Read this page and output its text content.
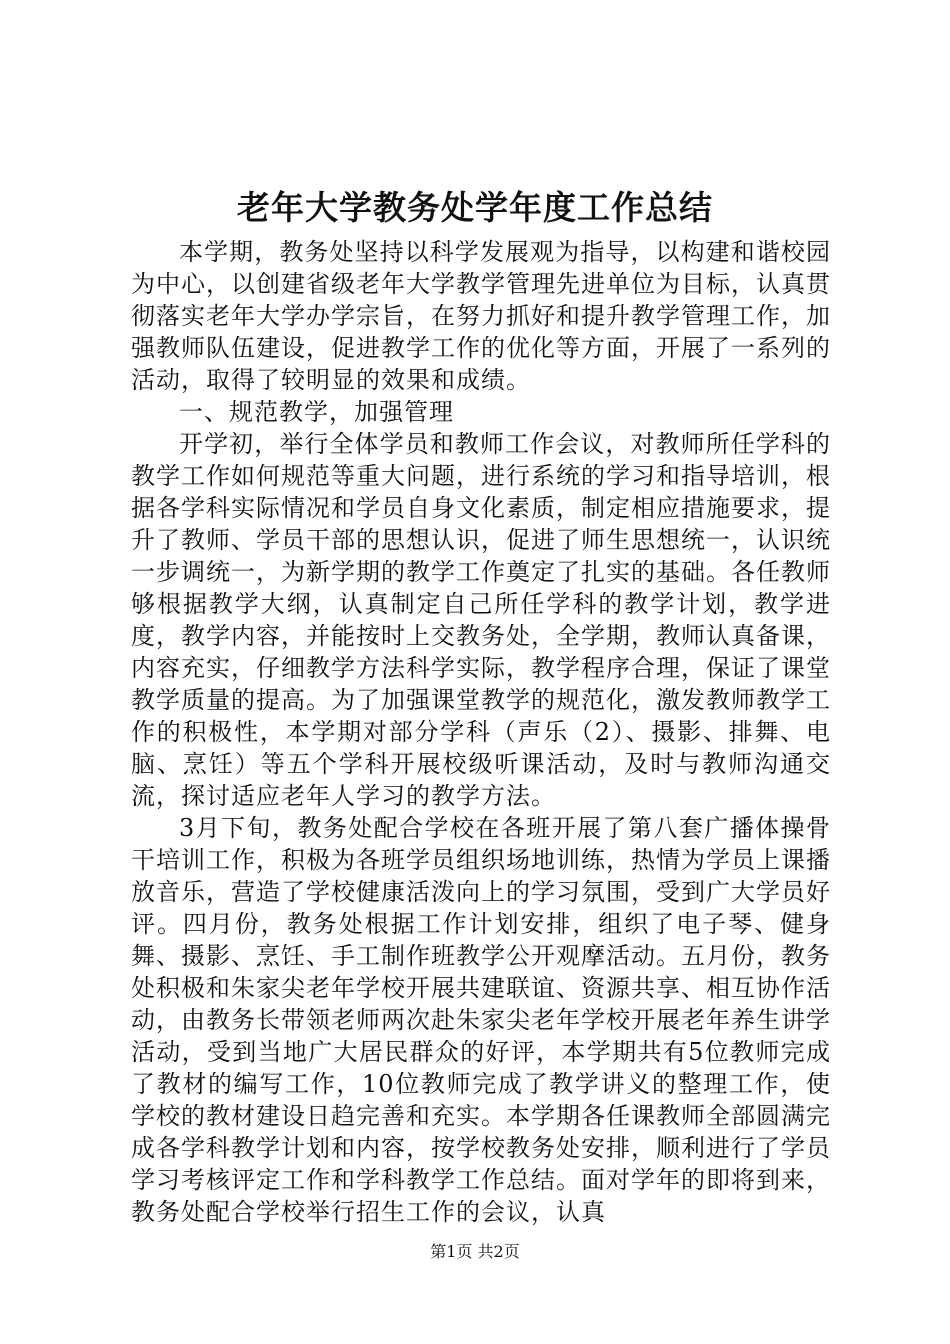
老年大学教务处学年度工作总结

本学期，教务处坚持以科学发展观为指导，以构建和谐校园为中心，以创建省级老年大学教学管理先进单位为目标，认真贯彻落实老年大学办学宗旨，在努力抓好和提升教学管理工作，加强教师队伍建设，促进教学工作的优化等方面，开展了一系列的活动，取得了较明显的效果和成绩。

一、规范教学，加强管理

开学初，举行全体学员和教师工作会议，对教师所任学科的教学工作如何规范等重大问题，进行系统的学习和指导培训，根据各学科实际情况和学员自身文化素质，制定相应措施要求，提升了教师、学员干部的思想认识，促进了师生思想统一，认识统一步调统一，为新学期的教学工作奠定了扎实的基础。各任教师够根据教学大纲，认真制定自己所任学科的教学计划，教学进度，教学内容，并能按时上交教务处，全学期，教师认真备课，内容充实，仔细教学方法科学实际，教学程序合理，保证了课堂教学质量的提高。为了加强课堂教学的规范化，激发教师教学工作的积极性，本学期对部分学科（声乐（2）、摄影、排舞、电脑、烹饪）等五个学科开展校级听课活动，及时与教师沟通交流，探讨适应老年人学习的教学方法。

3月下旬，教务处配合学校在各班开展了第八套广播体操骨干培训工作，积极为各班学员组织场地训练，热情为学员上课播放音乐，营造了学校健康活泼向上的学习氛围，受到广大学员好评。四月份，教务处根据工作计划安排，组织了电子琴、健身舞、摄影、烹饪、手工制作班教学公开观摩活动。五月份，教务处积极和朱家尖老年学校开展共建联谊、资源共享、相互协作活动，由教务长带领老师两次赴朱家尖老年学校开展老年养生讲学活动，受到当地广大居民群众的好评，本学期共有5位教师完成了教材的编写工作，10位教师完成了教学讲义的整理工作，使学校的教材建设日趋完善和充实。本学期各任课教师全部圆满完成各学科教学计划和内容，按学校教务处安排，顺利进行了学员学习考核评定工作和学科教学工作总结。面对学年的即将到来，教务处配合学校举行招生工作的会议，认真

第1页 共2页
